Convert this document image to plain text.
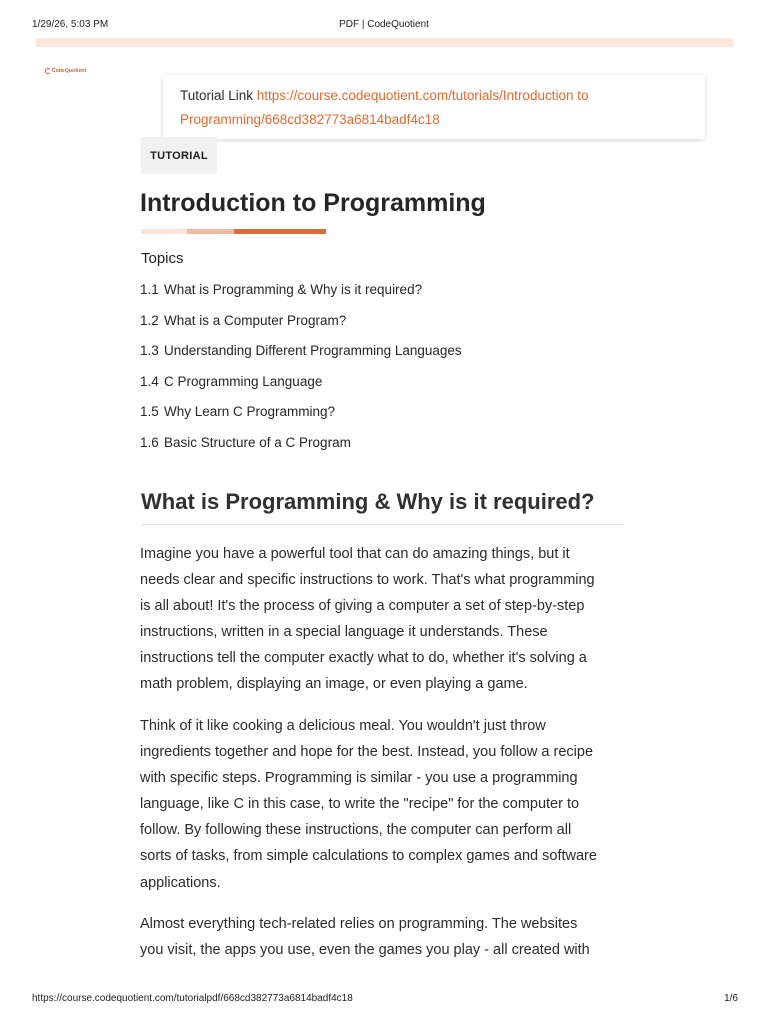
1/29/26, 5:03 PM	PDF | CodeQuotient
CodeQuotient
Tutorial Link https://course.codequotient.com/tutorials/Introduction to
Programming/668cd382773a6814badf4c18
TUTORIAL
Introduction to Programming
Topics
1.1 What is Programming & Why is it required?
1.2 What is a Computer Program?
1.3 Understanding Different Programming Languages
1.4 C Programming Language
1.5 Why Learn C Programming?
1.6 Basic Structure of a C Program
What is Programming & Why is it required?
Imagine you have a powerful tool that can do amazing things, but it
needs clear and specific instructions to work. That's what programming
is all about! It's the process of giving a computer a set of step-by-step
instructions, written in a special language it understands. These
instructions tell the computer exactly what to do, whether it's solving a
math problem, displaying an image, or even playing a game.
Think of it like cooking a delicious meal. You wouldn't just throw
ingredients together and hope for the best. Instead, you follow a recipe
with specific steps. Programming is similar - you use a programming
language, like C in this case, to write the "recipe" for the computer to
follow. By following these instructions, the computer can perform all
sorts of tasks, from simple calculations to complex games and software
applications.
Almost everything tech-related relies on programming. The websites
you visit, the apps you use, even the games you play - all created with
https://course.codequotient.com/tutorialpdf/668cd382773a6814badf4c18	1/6
